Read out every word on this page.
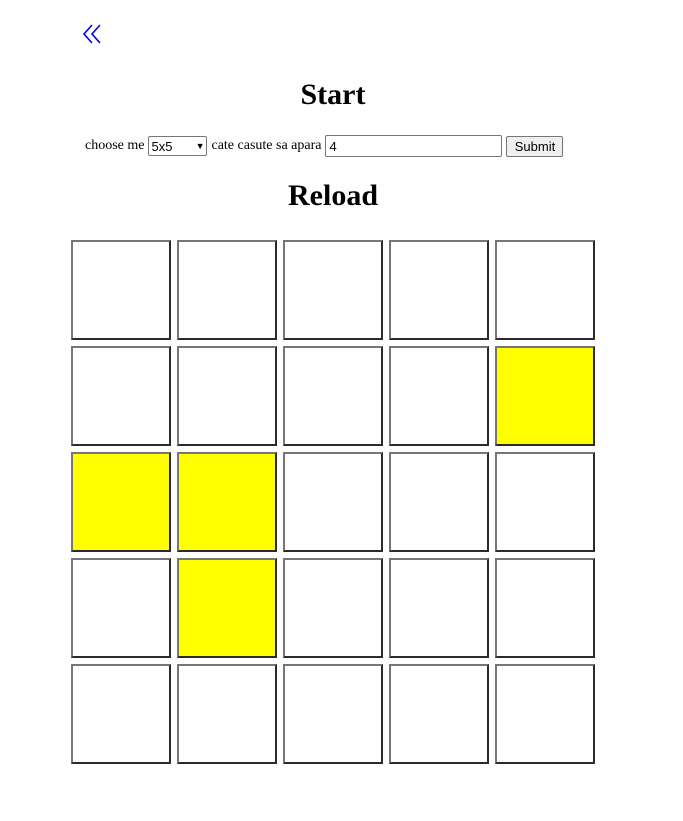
Start
choose me 5x5	▼ cate casute sa apara
4	Submit
Reload
